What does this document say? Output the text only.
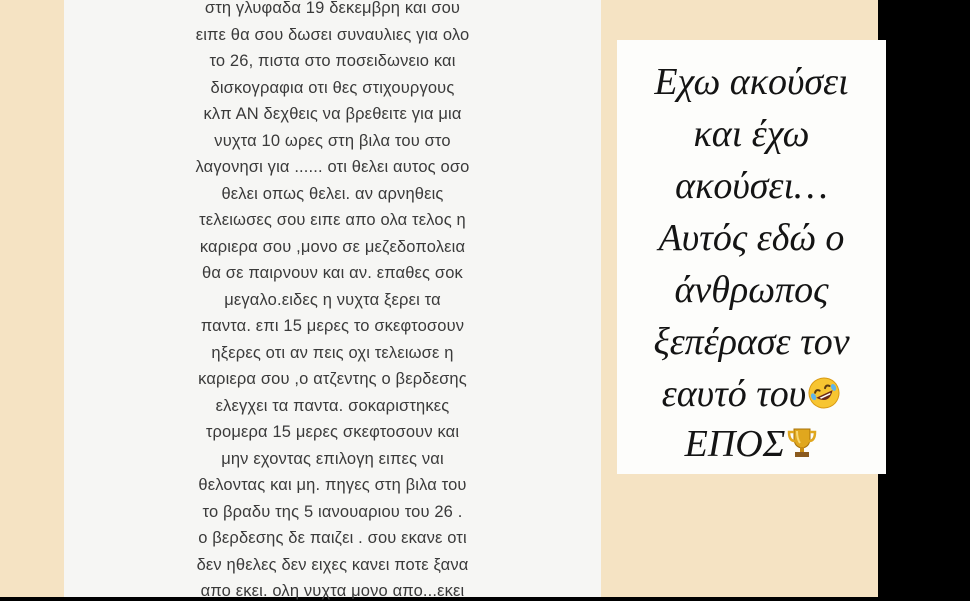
στη γλυφαδα 19 δεκεμβρη και σου
ειπε θα σου δωσει συναυλιες για ολο
το 26, πιστα στο ποσειδωνειο και
δισκογραφια οτι θες στιχουργους
κλπ ΑΝ δεχθεις να βρεθειτε για μια
νυχτα 10 ωρες στη βιλα του στο
λαγονησι για ...... οτι θελει αυτος οσο
θελει οπως θελει. αν αρνηθεις
τελειωσες σου ειπε απο ολα τελος η
καριερα σου ,μονο σε μεζεδοπολεια
θα σε παιρνουν και αν. επαθες σοκ
μεγαλο.ειδες η νυχτα ξερει τα
παντα. επι 15 μερες το σκεφτοσουν
ηξερες οτι αν πεις οχι τελειωσε η
καριερα σου ,ο ατζεντης ο βερδεσης
ελεγχει τα παντα. σοκαριστηκες
τρομερα 15 μερες σκεφτοσουν και
μην εχοντας επιλογη ειπες ναι
θελοντας και μη. πηγες στη βιλα του
το βραδυ της 5 ιανουαριου του 26 .
ο βερδεσης δε παιζει . σου εκανε οτι
δεν ηθελες δεν ειχες κανει ποτε ξανα
απο εκει. ολη νυχτα μονο απο...εκει
Εχω ακούσει
και έχω
ακούσει…
Αυτός εδώ ο
άνθρωπος
ξεπέρασε τον
εαυτό του
ΕΠΟΣ
